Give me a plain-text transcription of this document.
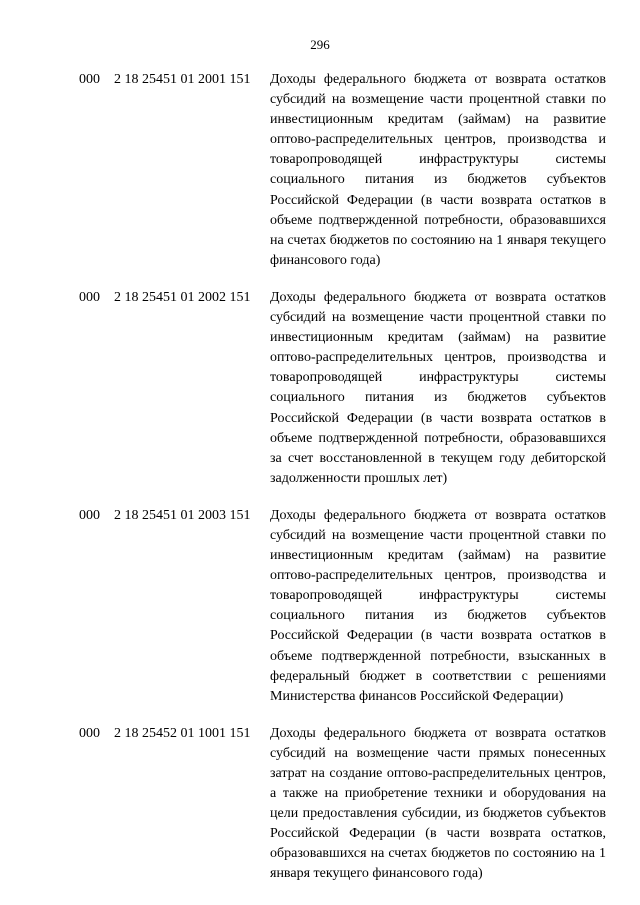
296
000 2 18 25451 01 2001 151 Доходы федерального бюджета от возврата остатков субсидий на возмещение части процентной ставки по инвестиционным кредитам (займам) на развитие оптово-распределительных центров, производства и товаропроводящей инфраструктуры системы социального питания из бюджетов субъектов Российской Федерации (в части возврата остатков в объеме подтвержденной потребности, образовавшихся на счетах бюджетов по состоянию на 1 января текущего финансового года)
000 2 18 25451 01 2002 151 Доходы федерального бюджета от возврата остатков субсидий на возмещение части процентной ставки по инвестиционным кредитам (займам) на развитие оптово-распределительных центров, производства и товаропроводящей инфраструктуры системы социального питания из бюджетов субъектов Российской Федерации (в части возврата остатков в объеме подтвержденной потребности, образовавшихся за счет восстановленной в текущем году дебиторской задолженности прошлых лет)
000 2 18 25451 01 2003 151 Доходы федерального бюджета от возврата остатков субсидий на возмещение части процентной ставки по инвестиционным кредитам (займам) на развитие оптово-распределительных центров, производства и товаропроводящей инфраструктуры системы социального питания из бюджетов субъектов Российской Федерации (в части возврата остатков в объеме подтвержденной потребности, взысканных в федеральный бюджет в соответствии с решениями Министерства финансов Российской Федерации)
000 2 18 25452 01 1001 151 Доходы федерального бюджета от возврата остатков субсидий на возмещение части прямых понесенных затрат на создание оптово-распределительных центров, а также на приобретение техники и оборудования на цели предоставления субсидии, из бюджетов субъектов Российской Федерации (в части возврата остатков, образовавшихся на счетах бюджетов по состоянию на 1 января текущего финансового года)
